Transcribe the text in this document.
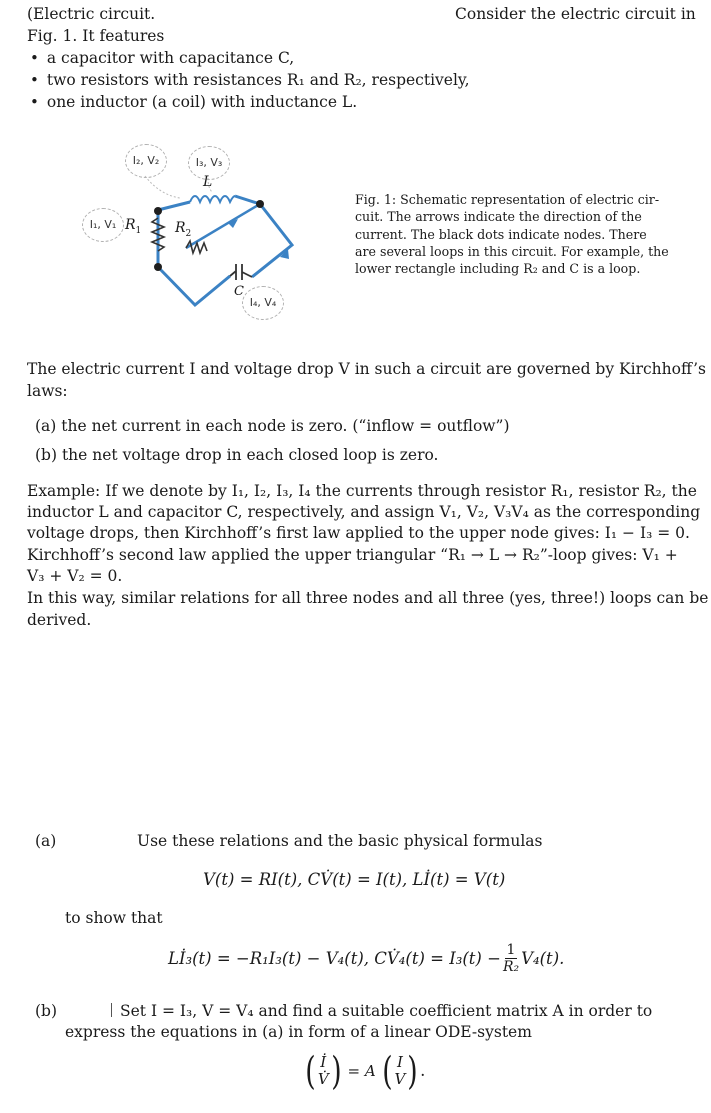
(Electric circuit.	Consider the electric circuit in
Fig. 1. It features
• a capacitor with capacitance C,
• two resistors with resistances R₁ and R₂, respectively,
• one inductor (a coil) with inductance L.
I₂, V₂	I₃, V₃
I₁, V₁
I₄, V₄
L
$R_1$ $R_2$
C
Fig. 1: Schematic representation of electric cir-
cuit. The arrows indicate the direction of the
current. The black dots indicate nodes. There
are several loops in this circuit. For example, the
lower rectangle including R₂ and C is a loop.
The electric current I and voltage drop V in such a circuit are governed by Kirchhoff’s
laws:
(a) the net current in each node is zero. (“inflow = outflow”)
(b) the net voltage drop in each closed loop is zero.
Example: If we denote by I₁, I₂, I₃, I₄ the currents through resistor R₁, resistor R₂, the
inductor L and capacitor C, respectively, and assign V₁, V₂, V₃V₄ as the corresponding
voltage drops, then Kirchhoff’s first law applied to the upper node gives: I₁ − I₃ = 0.
Kirchhoff’s second law applied the upper triangular “R₁ → L → R₂”-loop gives: V₁ +
V₃ + V₂ = 0.
In this way, similar relations for all three nodes and all three (yes, three!) loops can be
derived.
(a)	Use these relations and the basic physical formulas
V(t) = RI(t), CV̇(t) = I(t), Lİ(t) = V(t)
to show that
Lİ₃(t) = −R₁I₃(t) − V₄(t), CV̇₄(t) = $I_3(t) - \frac{1}{\text{R₂}} V_4(t)$.
(b)	Set I = I₃, V = V₄ and find a suitable coefficient matrix A in order to
express the equations in (a) in form of a linear ODE-system
( İ
V̇ ) = A ( I
V ) .
